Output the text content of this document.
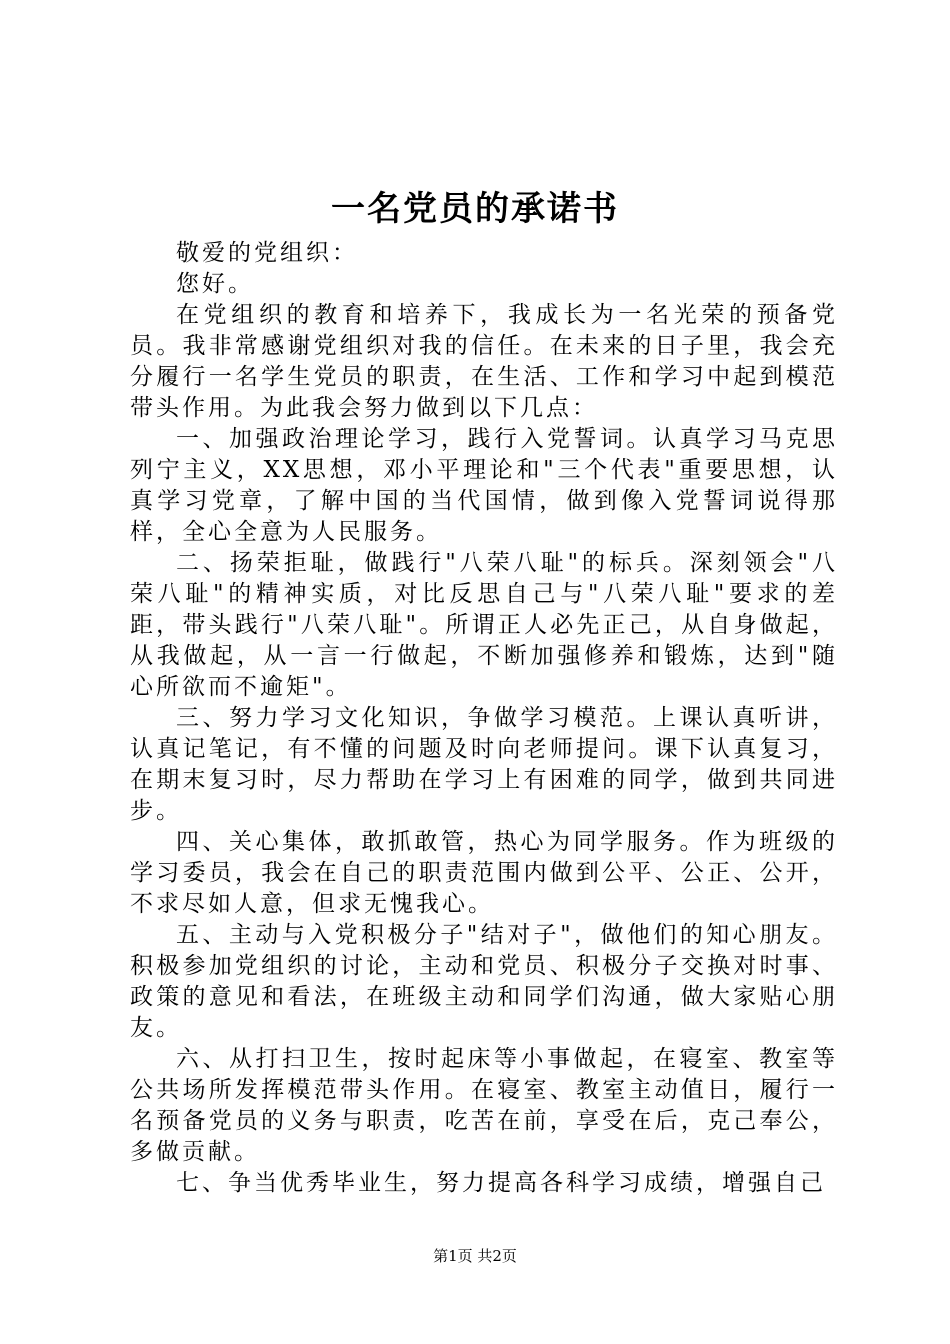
一名党员的承诺书

敬爱的党组织：

您好。

在党组织的教育和培养下，我成长为一名光荣的预备党员。我非常感谢党组织对我的信任。在未来的日子里，我会充分履行一名学生党员的职责，在生活、工作和学习中起到模范带头作用。为此我会努力做到以下几点：

一、加强政治理论学习，践行入党誓词。认真学习马克思列宁主义，XX思想，邓小平理论和"三个代表"重要思想，认真学习党章，了解中国的当代国情，做到像入党誓词说得那样，全心全意为人民服务。

二、扬荣拒耻，做践行"八荣八耻"的标兵。深刻领会"八荣八耻"的精神实质，对比反思自己与"八荣八耻"要求的差距，带头践行"八荣八耻"。所谓正人必先正己，从自身做起，从我做起，从一言一行做起，不断加强修养和锻炼，达到"随心所欲而不逾矩"。

三、努力学习文化知识，争做学习模范。上课认真听讲，认真记笔记，有不懂的问题及时向老师提问。课下认真复习，在期末复习时，尽力帮助在学习上有困难的同学，做到共同进步。

四、关心集体，敢抓敢管，热心为同学服务。作为班级的学习委员，我会在自己的职责范围内做到公平、公正、公开，不求尽如人意，但求无愧我心。

五、主动与入党积极分子"结对子"，做他们的知心朋友。积极参加党组织的讨论，主动和党员、积极分子交换对时事、政策的意见和看法，在班级主动和同学们沟通，做大家贴心朋友。

六、从打扫卫生，按时起床等小事做起，在寝室、教室等公共场所发挥模范带头作用。在寝室、教室主动值日，履行一名预备党员的义务与职责，吃苦在前，享受在后，克己奉公，多做贡献。

七、争当优秀毕业生，努力提高各科学习成绩，增强自己

第1页 共2页
